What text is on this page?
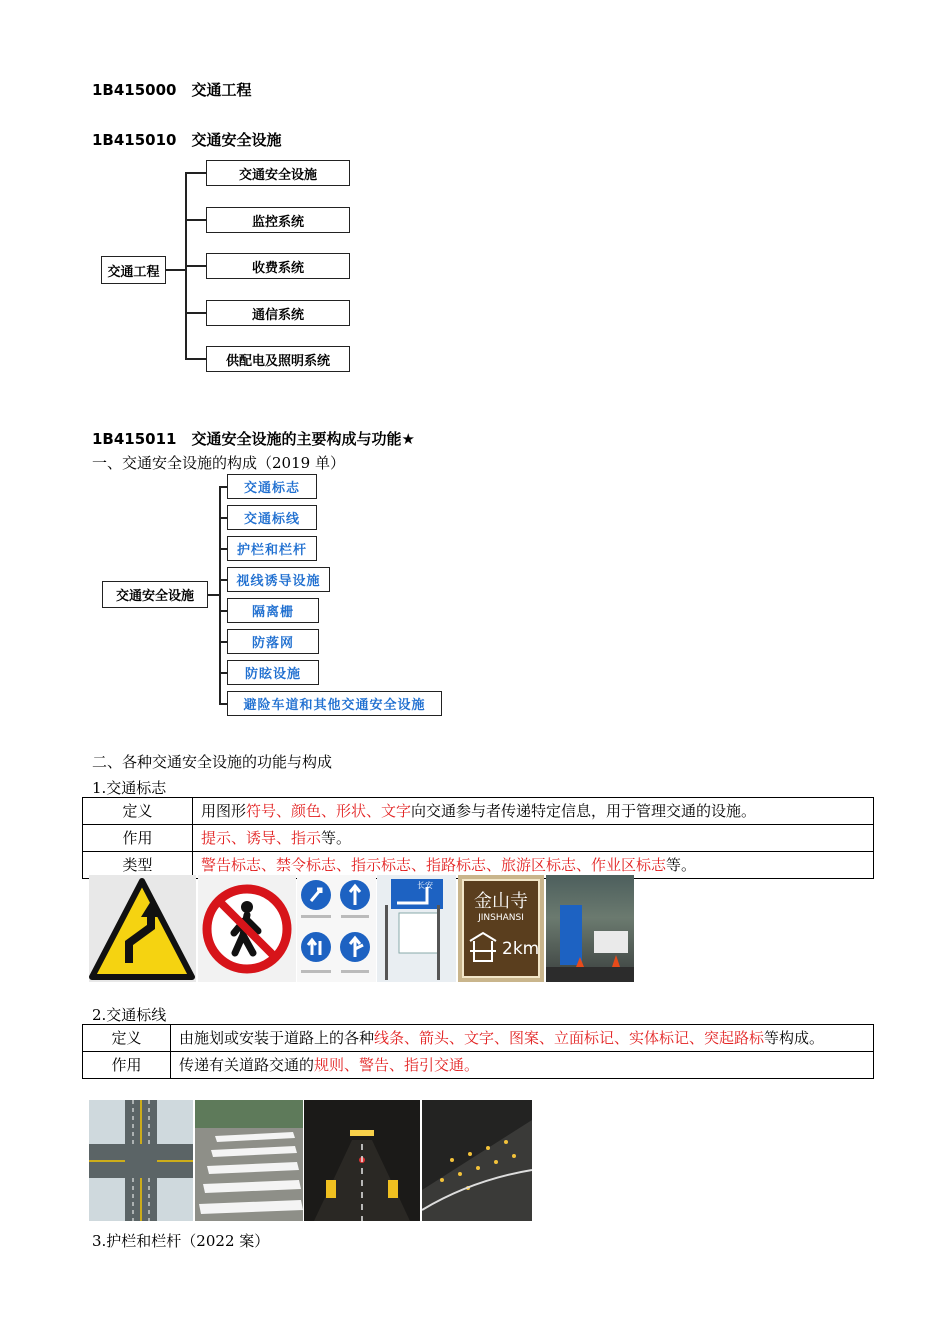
1B415000　交通工程
1B415010　交通安全设施
交通工程
交通安全设施
监控系统
收费系统
通信系统
供配电及照明系统
1B415011　交通安全设施的主要构成与功能★
一、交通安全设施的构成（2019 单）
交通安全设施
交通标志
交通标线
护栏和栏杆
视线诱导设施
隔离栅
防落网
防眩设施
避险车道和其他交通安全设施
二、各种交通安全设施的功能与构成
1.交通标志
定义	用图形符号、颜色、形状、文字向交通参与者传递特定信息，用于管理交通的设施。
作用	提示、诱导、指示等。
类型	警告标志、禁令标志、指示标志、指路标志、旅游区标志、作业区标志等。
长安
金山寺
JINSHANSI
2km
2.交通标线
定义	由施划或安装于道路上的各种线条、箭头、文字、图案、立面标记、实体标记、突起路标等构成。
作用	传递有关道路交通的规则、警告、指引交通。
3.护栏和栏杆（2022 案）
